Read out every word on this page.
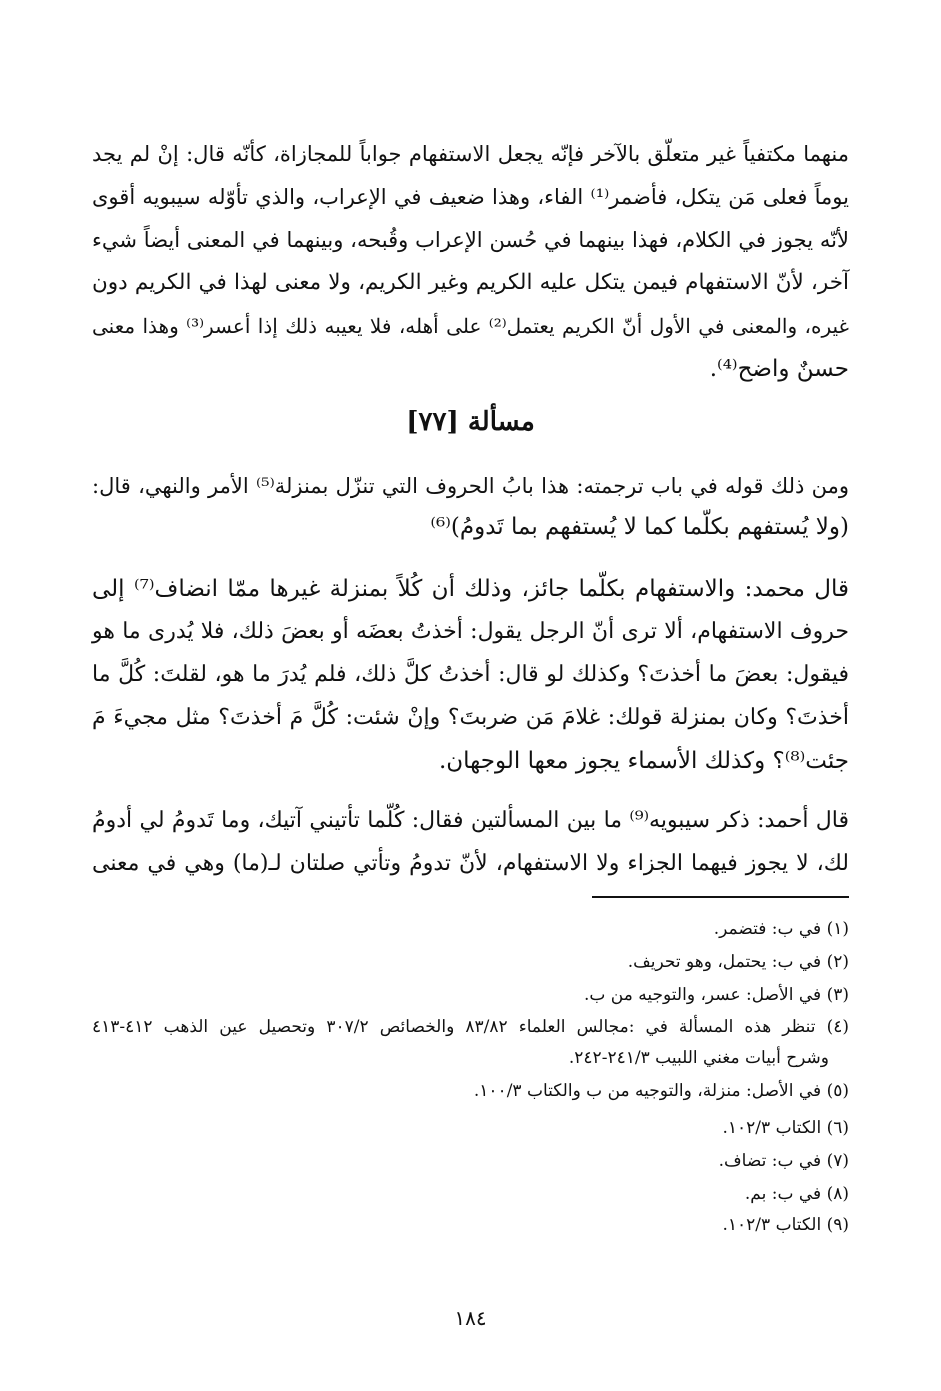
منهما مكتفياً غير متعلّق بالآخر فإنّه يجعل الاستفهام جواباً للمجازاة، كأنّه قال: إنْ لم يجد

يوماً فعلى مَن يتكل، فأضمر⁽¹⁾ الفاء، وهذا ضعيف في الإعراب، والذي تأوّله سيبويه أقوى

لأنّه يجوز في الكلام، فهذا بينهما في حُسن الإعراب وقُبحه، وبينهما في المعنى أيضاً شيء

آخر، لأنّ الاستفهام فيمن يتكل عليه الكريم وغير الكريم، ولا معنى لهذا في الكريم دون

غيره، والمعنى في الأول أنّ الكريم يعتمل⁽²⁾ على أهله، فلا يعيبه ذلك إذا أعسر⁽³⁾ وهذا معنى

حسنٌ واضح⁽⁴⁾.

مسألة [٧٧]

ومن ذلك قوله في باب ترجمته: هذا بابُ الحروف التي تنزّل بمنزلة⁽⁵⁾ الأمر والنهي، قال:

(ولا يُستفهم بكلّما كما لا يُستفهم بما تَدومُ)⁽⁶⁾

قال محمد: والاستفهام بكلّما جائز، وذلك أن كُلاً بمنزلة غيرها ممّا انضاف⁽⁷⁾ إلى

حروف الاستفهام، ألا ترى أنّ الرجل يقول: أخذتُ بعضَه أو بعضَ ذلك، فلا يُدرى ما هو

فيقول: بعضَ ما أخذتَ؟ وكذلك لو قال: أخذتُ كلَّ ذلك، فلم يُدرَ ما هو، لقلتَ: كُلَّ ما

أخذتَ؟ وكان بمنزلة قولك: غلامَ مَن ضربتَ؟ وإنْ شئت: كُلَّ مَ أخذتَ؟ مثل مجيءَ مَ

جئت⁽⁸⁾؟ وكذلك الأسماء يجوز معها الوجهان.

قال أحمد: ذكر سيبويه⁽⁹⁾ ما بين المسألتين فقال: كُلّما تأتيني آتيك، وما تَدومُ لي أدومُ

لك، لا يجوز فيهما الجزاء ولا الاستفهام، لأنّ تدومُ وتأتي صلتان لـ(ما) وهي في معنى

(١) في ب: فتضمر.

(٢) في ب: يحتمل، وهو تحريف.

(٣) في الأصل: عسر، والتوجيه من ب.

(٤) تنظر هذه المسألة في :مجالس العلماء ٨٣/٨٢ والخصائص ٣٠٧/٢ وتحصيل عين الذهب ٤١٢-٤١٣

وشرح أبيات مغني اللبيب ٢٤١/٣-٢٤٢.

(٥) في الأصل: منزلة، والتوجيه من ب والكتاب ١٠٠/٣.

(٦) الكتاب ١٠٢/٣.

(٧) في ب: تضاف.

(٨) في ب: بم.

(٩) الكتاب ١٠٢/٣.

١٨٤
